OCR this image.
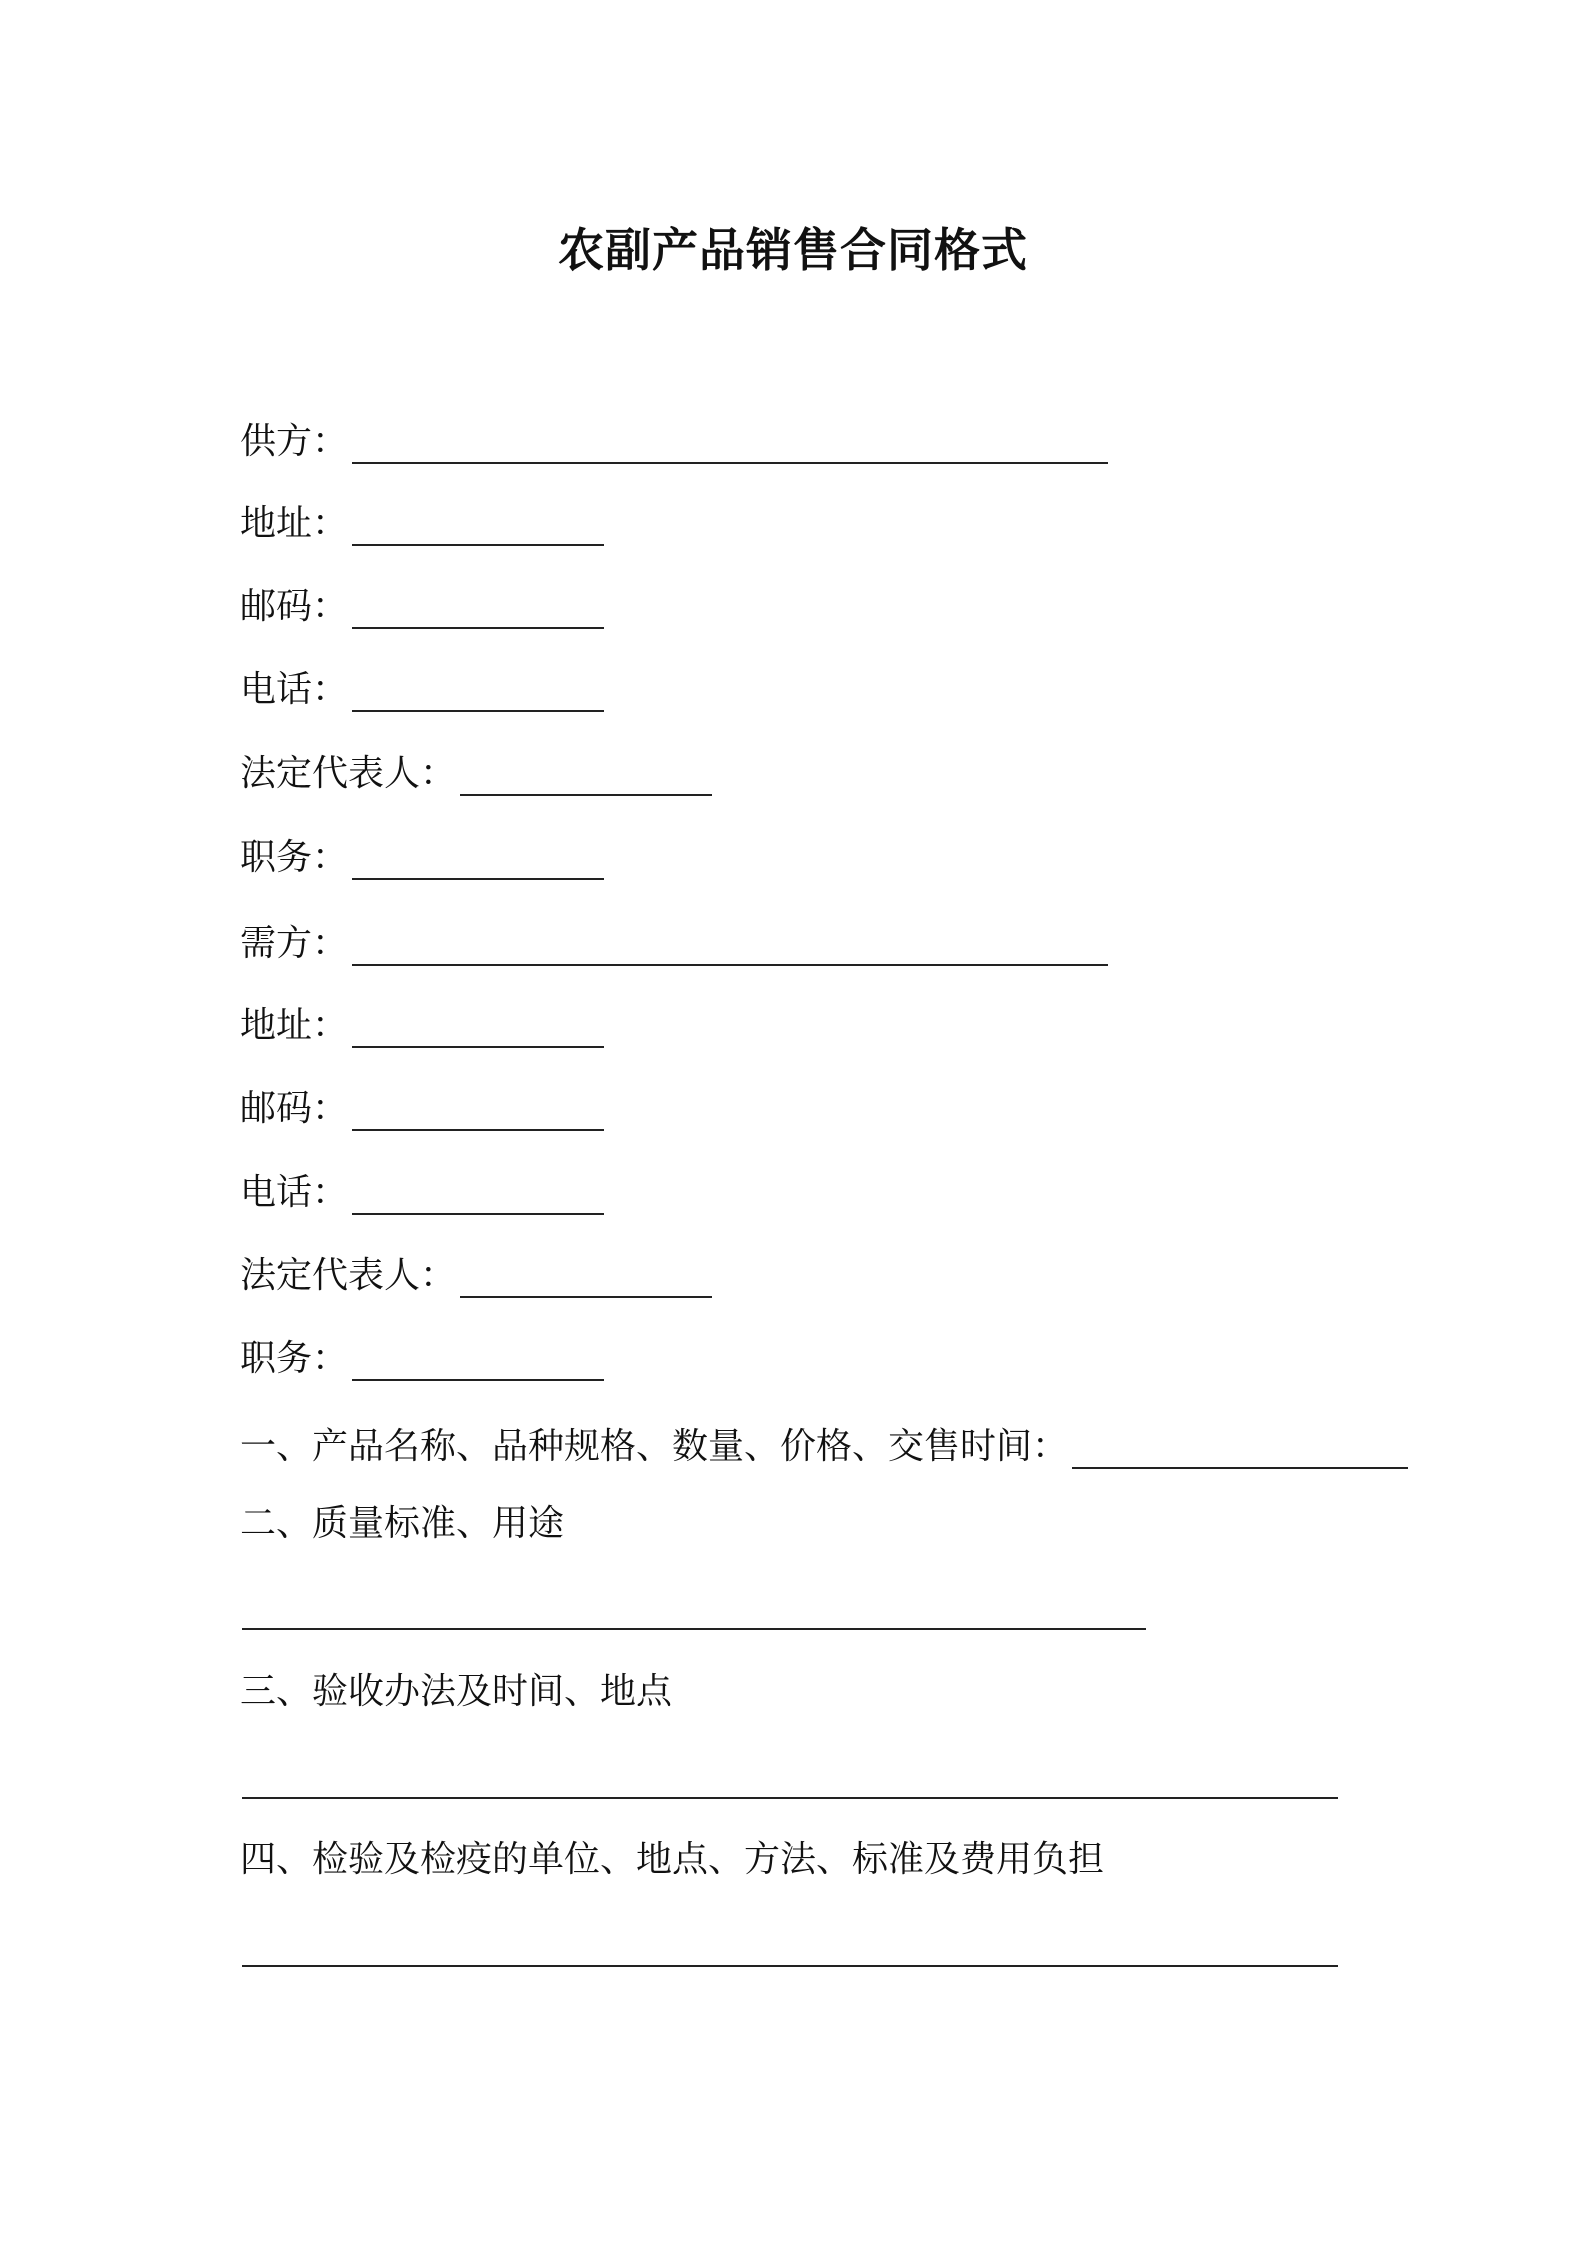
农副产品销售合同格式
供方：
地址：
邮码：
电话：
法定代表人：
职务：
需方：
地址：
邮码：
电话：
法定代表人：
职务：
一、产品名称、品种规格、数量、价格、交售时间：
二、质量标准、用途
三、验收办法及时间、地点
四、检验及检疫的单位、地点、方法、标准及费用负担
